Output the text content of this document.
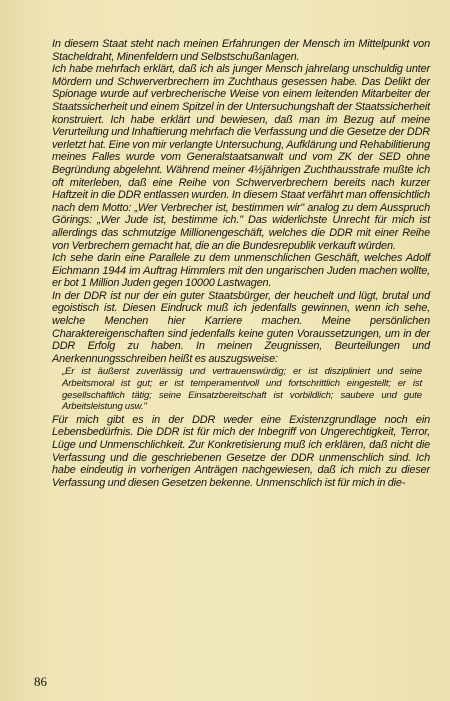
In diesem Staat steht nach meinen Erfahrungen der Mensch im Mittelpunkt von Stacheldraht, Minenfeldern und Selbstschußanlagen.

Ich habe mehrfach erklärt, daß ich als junger Mensch jahrelang unschuldig unter Mördern und Schwerverbrechern im Zuchthaus gesessen habe. Das Delikt der Spionage wurde auf verbrecherische Weise von einem leitenden Mitarbeiter der Staatssicherheit und einem Spitzel in der Untersuchungshaft der Staatssicherheit konstruiert. Ich habe erklärt und bewiesen, daß man im Bezug auf meine Verurteilung und Inhaftierung mehrfach die Verfassung und die Gesetze der DDR verletzt hat. Eine von mir verlangte Untersuchung, Aufklärung und Rehabilitierung meines Falles wurde vom Generalstaatsanwalt und vom ZK der SED ohne Begründung abgelehnt. Während meiner 4½jährigen Zuchthausstrafe mußte ich oft miterleben, daß eine Reihe von Schwerverbrechern bereits nach kurzer Haftzeit in die DDR entlassen wurden. In diesem Staat verfährt man offensichtlich nach dem Motto: „Wer Verbrecher ist, bestimmen wir" analog zu dem Ausspruch Görings: „Wer Jude ist, bestimme ich." Das widerlichste Unrecht für mich ist allerdings das schmutzige Millionengeschäft, welches die DDR mit einer Reihe von Verbrechern gemacht hat, die an die Bundesrepublik verkauft würden.

Ich sehe darin eine Parallele zu dem unmenschlichen Geschäft, welches Adolf Eichmann 1944 im Auftrag Himmlers mit den ungarischen Juden machen wollte, er bot 1 Million Juden gegen 10000 Lastwagen.

In der DDR ist nur der ein guter Staatsbürger, der heuchelt und lügt, brutal und egoistisch ist. Diesen Eindruck muß ich jedenfalls gewinnen, wenn ich sehe, welche Menchen hier Karriere machen. Meine persönlichen Charaktereigenschaften sind jedenfalls keine guten Voraussetzungen, um in der DDR Erfolg zu haben. In meinen Zeugnissen, Beurteilungen und Anerkennungsschreiben heißt es auszugsweise:

„Er ist äußerst zuverlässig und vertrauenswürdig; er ist diszipliniert und seine Arbeitsmoral ist gut; er ist temperamentvoll und fortschrittlich eingestellt; er ist gesellschaftlich tätig; seine Einsatzbereitschaft ist vorbildlich; saubere und gute Arbeitsleistung usw."

Für mich gibt es in der DDR weder eine Existenzgrundlage noch ein Lebensbedürfnis. Die DDR ist für mich der Inbegriff von Ungerechtigkeit, Terror, Lüge und Unmenschlichkeit. Zur Konkretisierung muß ich erklären, daß nicht die Verfassung und die geschriebenen Gesetze der DDR unmenschlich sind. Ich habe eindeutig in vorherigen Anträgen nachgewiesen, daß ich mich zu dieser Verfassung und diesen Gesetzen bekenne. Unmenschlich ist für mich in die-

86
